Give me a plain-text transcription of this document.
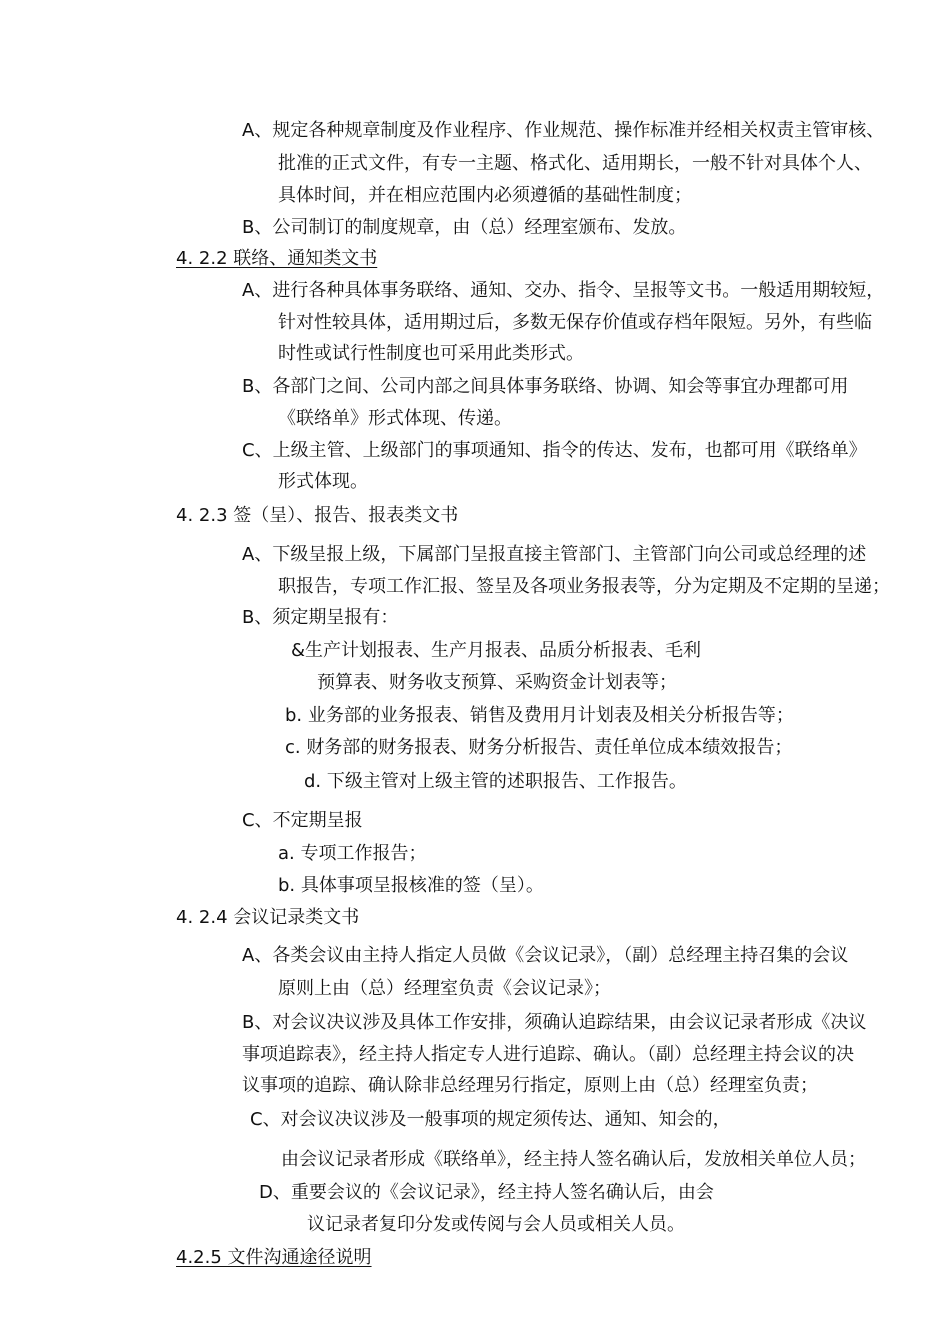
A、规定各种规章制度及作业程序、作业规范、操作标准并经相关权责主管审核、
批准的正式文件，有专一主题、格式化、适用期长，一般不针对具体个人、
具体时间，并在相应范围内必须遵循的基础性制度；
B、公司制订的制度规章，由（总）经理室颁布、发放。
4. 2.2 联络、通知类文书
A、进行各种具体事务联络、通知、交办、指令、呈报等文书。一般适用期较短，
针对性较具体，适用期过后，多数无保存价值或存档年限短。另外，有些临
时性或试行性制度也可采用此类形式。
B、各部门之间、公司内部之间具体事务联络、协调、知会等事宜办理都可用
《联络单》形式体现、传递。
C、上级主管、上级部门的事项通知、指令的传达、发布，也都可用《联络单》
形式体现。
4. 2.3 签（呈）、报告、报表类文书
A、下级呈报上级，下属部门呈报直接主管部门、主管部门向公司或总经理的述
职报告，专项工作汇报、签呈及各项业务报表等，分为定期及不定期的呈递；
B、须定期呈报有：
&生产计划报表、生产月报表、品质分析报表、毛利
预算表、财务收支预算、采购资金计划表等；
b. 业务部的业务报表、销售及费用月计划表及相关分析报告等；
c. 财务部的财务报表、财务分析报告、责任单位成本绩效报告；
d. 下级主管对上级主管的述职报告、工作报告。
C、不定期呈报
a. 专项工作报告；
b. 具体事项呈报核准的签（呈）。
4. 2.4 会议记录类文书
A、各类会议由主持人指定人员做《会议记录》，（副）总经理主持召集的会议
原则上由（总）经理室负责《会议记录》；
B、对会议决议涉及具体工作安排，须确认追踪结果，由会议记录者形成《决议
事项追踪表》，经主持人指定专人进行追踪、确认。（副）总经理主持会议的决
议事项的追踪、确认除非总经理另行指定，原则上由（总）经理室负责；
C、对会议决议涉及一般事项的规定须传达、通知、知会的，
由会议记录者形成《联络单》，经主持人签名确认后，发放相关单位人员；
D、重要会议的《会议记录》，经主持人签名确认后，由会
议记录者复印分发或传阅与会人员或相关人员。
4.2.5 文件沟通途径说明
